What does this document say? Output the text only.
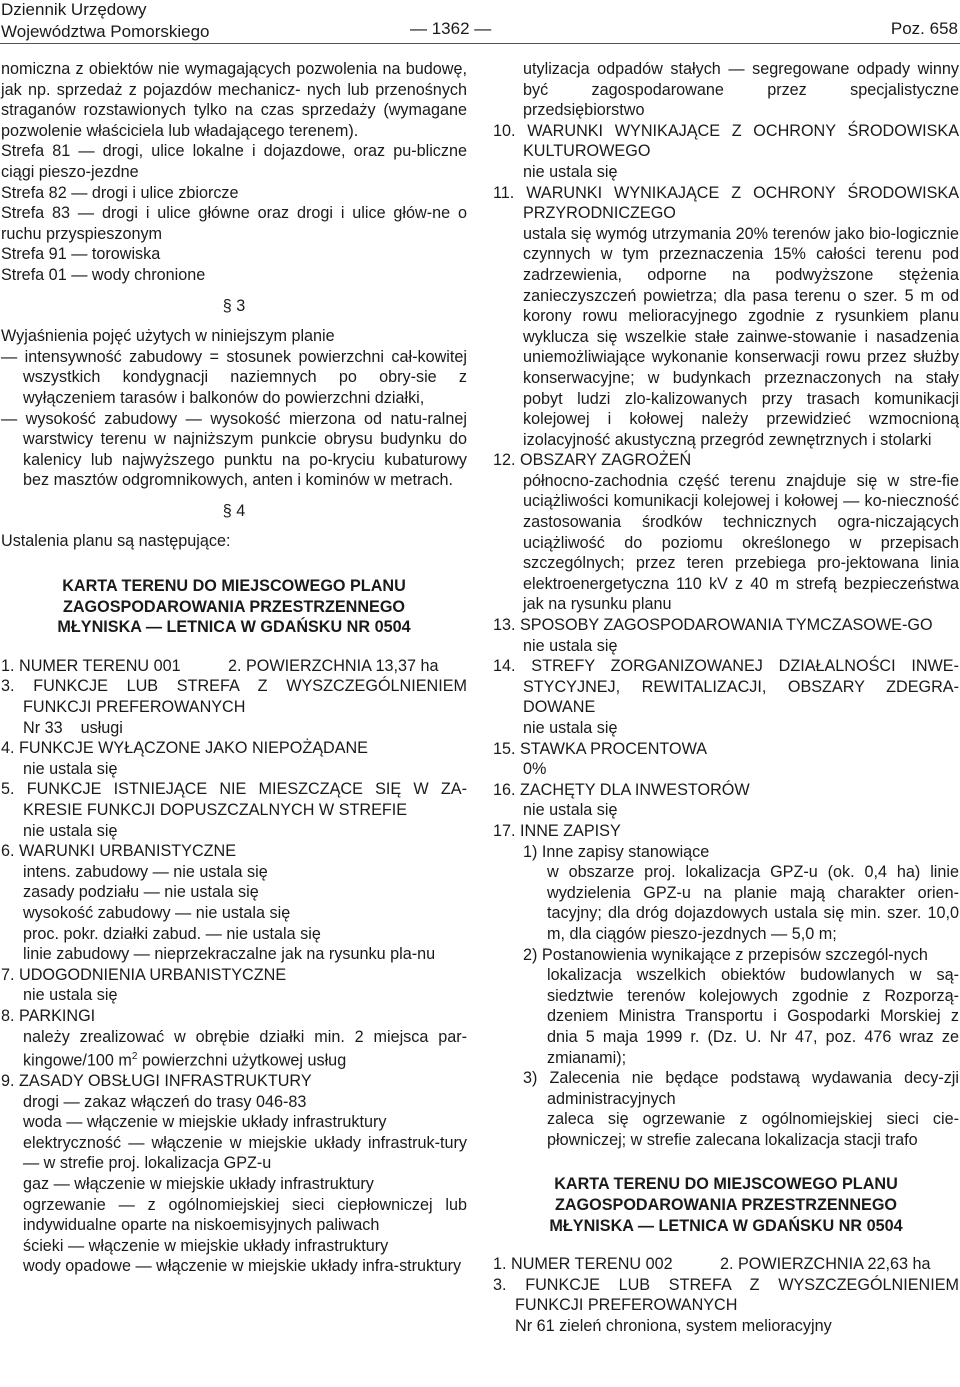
Dziennik Urzędowy
Województwa Pomorskiego	— 1362 —	Poz. 658

nomiczna z obiektów nie wymagających pozwolenia na budowę, jak np. sprzedaż z pojazdów mechanicz- nych lub przenośnych straganów rozstawionych tylko na czas sprzedaży (wymagane pozwolenie właściciela lub władającego terenem).

Strefa 81 — drogi, ulice lokalne i dojazdowe, oraz pu-bliczne ciągi pieszo-jezdne

Strefa 82 — drogi i ulice zbiorcze

Strefa 83 — drogi i ulice główne oraz drogi i ulice głów-ne o ruchu przyspieszonym

Strefa 91 — torowiska

Strefa 01 — wody chronione

§ 3

Wyjaśnienia pojęć użytych w niniejszym planie

— intensywność zabudowy = stosunek powierzchni cał-kowitej wszystkich kondygnacji naziemnych po obry-sie z wyłączeniem tarasów i balkonów do powierzchni działki,

— wysokość zabudowy — wysokość mierzona od natu-ralnej warstwicy terenu w najniższym punkcie obrysu budynku do kalenicy lub najwyższego punktu na po-kryciu kubaturowy bez masztów odgromnikowych, anten i kominów w metrach.

§ 4

Ustalenia planu są następujące:

KARTA TERENU DO MIEJSCOWEGO PLANU

ZAGOSPODAROWANIA PRZESTRZENNEGO

MŁYNISKA — LETNICA W GDAŃSKU NR 0504

1. NUMER TERENU 001	2. POWIERZCHNIA 13,37 ha

3. FUNKCJE LUB STREFA Z WYSZCZEGÓLNIENIEM FUNKCJI PREFEROWANYCH

Nr 33    usługi

4. FUNKCJE WYŁĄCZONE JAKO NIEPOŻĄDANE

nie ustala się

5. FUNKCJE ISTNIEJĄCE NIE MIESZCZĄCE SIĘ W ZA-KRESIE FUNKCJI DOPUSZCZALNYCH W STREFIE

nie ustala się

6. WARUNKI URBANISTYCZNE

intens. zabudowy — nie ustala się

zasady podziału — nie ustala się

wysokość zabudowy — nie ustala się

proc. pokr. działki zabud. — nie ustala się

linie zabudowy — nieprzekraczalne jak na rysunku pla-nu

7. UDOGODNIENIA URBANISTYCZNE

nie ustala się

8. PARKINGI

należy zrealizować w obrębie działki min. 2 miejsca par-kingowe/100 $m^2$ powierzchni użytkowej usług

9. ZASADY OBSŁUGI INFRASTRUKTURY

drogi — zakaz włączeń do trasy 046-83

woda — włączenie w miejskie układy infrastruktury

elektryczność — włączenie w miejskie układy infrastruk-tury — w strefie proj. lokalizacja GPZ-u

gaz — włączenie w miejskie układy infrastruktury

ogrzewanie — z ogólnomiejskiej sieci ciepłowniczej lub indywidualne oparte na niskoemisyjnych paliwach

ścieki — włączenie w miejskie układy infrastruktury

wody opadowe — włączenie w miejskie układy infra-struktury

utylizacja odpadów stałych — segregowane odpady winny być zagospodarowane przez specjalistyczne przedsiębiorstwo

10. WARUNKI WYNIKAJĄCE Z OCHRONY ŚRODOWISKA KULTUROWEGO

nie ustala się

11. WARUNKI WYNIKAJĄCE Z OCHRONY ŚRODOWISKA PRZYRODNICZEGO

ustala się wymóg utrzymania 20% terenów jako bio-logicznie czynnych w tym przeznaczenia 15% całości terenu pod zadrzewienia, odporne na podwyższone stężenia zanieczyszczeń powietrza; dla pasa terenu o szer. 5 m od korony rowu melioracyjnego zgodnie z rysunkiem planu wyklucza się wszelkie stałe zainwe-stowanie i nasadzenia uniemożliwiające wykonanie konserwacji rowu przez służby konserwacyjne; w budynkach przeznaczonych na stały pobyt ludzi zlo-kalizowanych przy trasach komunikacji kolejowej i kołowej należy przewidzieć wzmocnioną izolacyjność akustyczną przegród zewnętrznych i stolarki

12. OBSZARY ZAGROŻEŃ

północno-zachodnia część terenu znajduje się w stre-fie uciążliwości komunikacji kolejowej i kołowej — ko-nieczność zastosowania środków technicznych ogra-niczających uciążliwość do poziomu określonego w przepisach szczególnych; przez teren przebiega pro-jektowana linia elektroenergetyczna 110 kV z 40 m strefą bezpieczeństwa jak na rysunku planu

13. SPOSOBY ZAGOSPODAROWANIA TYMCZASOWE-GO

nie ustala się

14. STREFY ZORGANIZOWANEJ DZIAŁALNOŚCI INWE-STYCYJNEJ, REWITALIZACJI, OBSZARY ZDEGRA-DOWANE

nie ustala się

15. STAWKA PROCENTOWA

0%

16. ZACHĘTY DLA INWESTORÓW

nie ustala się

17. INNE ZAPISY

1) Inne zapisy stanowiące

w obszarze proj. lokalizacja GPZ-u (ok. 0,4 ha) linie wydzielenia GPZ-u na planie mają charakter orien-tacyjny; dla dróg dojazdowych ustala się min. szer. 10,0 m, dla ciągów pieszo-jezdnych — 5,0 m;

2) Postanowienia wynikające z przepisów szczegól-nych

lokalizacja wszelkich obiektów budowlanych w są-siedztwie terenów kolejowych zgodnie z Rozporzą-dzeniem Ministra Transportu i Gospodarki Morskiej z dnia 5 maja 1999 r. (Dz. U. Nr 47, poz. 476 wraz ze zmianami);

3) Zalecenia nie będące podstawą wydawania decy-zji administracyjnych

zaleca się ogrzewanie z ogólnomiejskiej sieci cie-płowniczej; w strefie zalecana lokalizacja stacji trafo

KARTA TERENU DO MIEJSCOWEGO PLANU

ZAGOSPODAROWANIA PRZESTRZENNEGO

MŁYNISKA — LETNICA W GDAŃSKU NR 0504

1. NUMER TERENU 002	2. POWIERZCHNIA 22,63 ha

3. FUNKCJE LUB STREFA Z WYSZCZEGÓLNIENIEM FUNKCJI PREFEROWANYCH

Nr 61 zieleń chroniona, system melioracyjny
